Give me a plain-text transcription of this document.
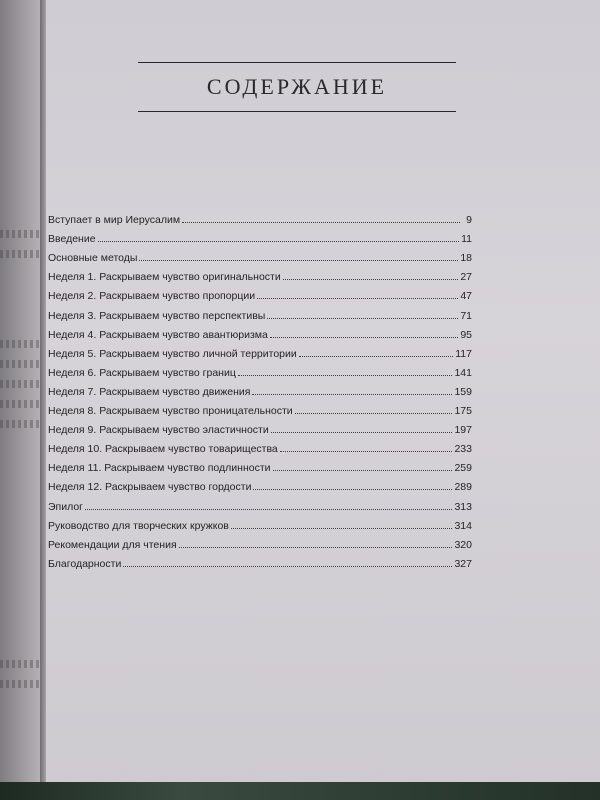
СОДЕРЖАНИЕ
Вступает в мир Иерусалим	9
Введение	11
Основные методы	18
Неделя 1. Раскрываем чувство оригинальности	27
Неделя 2. Раскрываем чувство пропорции	47
Неделя 3. Раскрываем чувство перспективы	71
Неделя 4. Раскрываем чувство авантюризма	95
Неделя 5. Раскрываем чувство личной территории	117
Неделя 6. Раскрываем чувство границ	141
Неделя 7. Раскрываем чувство движения	159
Неделя 8. Раскрываем чувство проницательности	175
Неделя 9. Раскрываем чувство эластичности	197
Неделя 10. Раскрываем чувство товарищества	233
Неделя 11. Раскрываем чувство подлинности	259
Неделя 12. Раскрываем чувство гордости	289
Эпилог	313
Руководство для творческих кружков	314
Рекомендации для чтения	320
Благодарности	327
